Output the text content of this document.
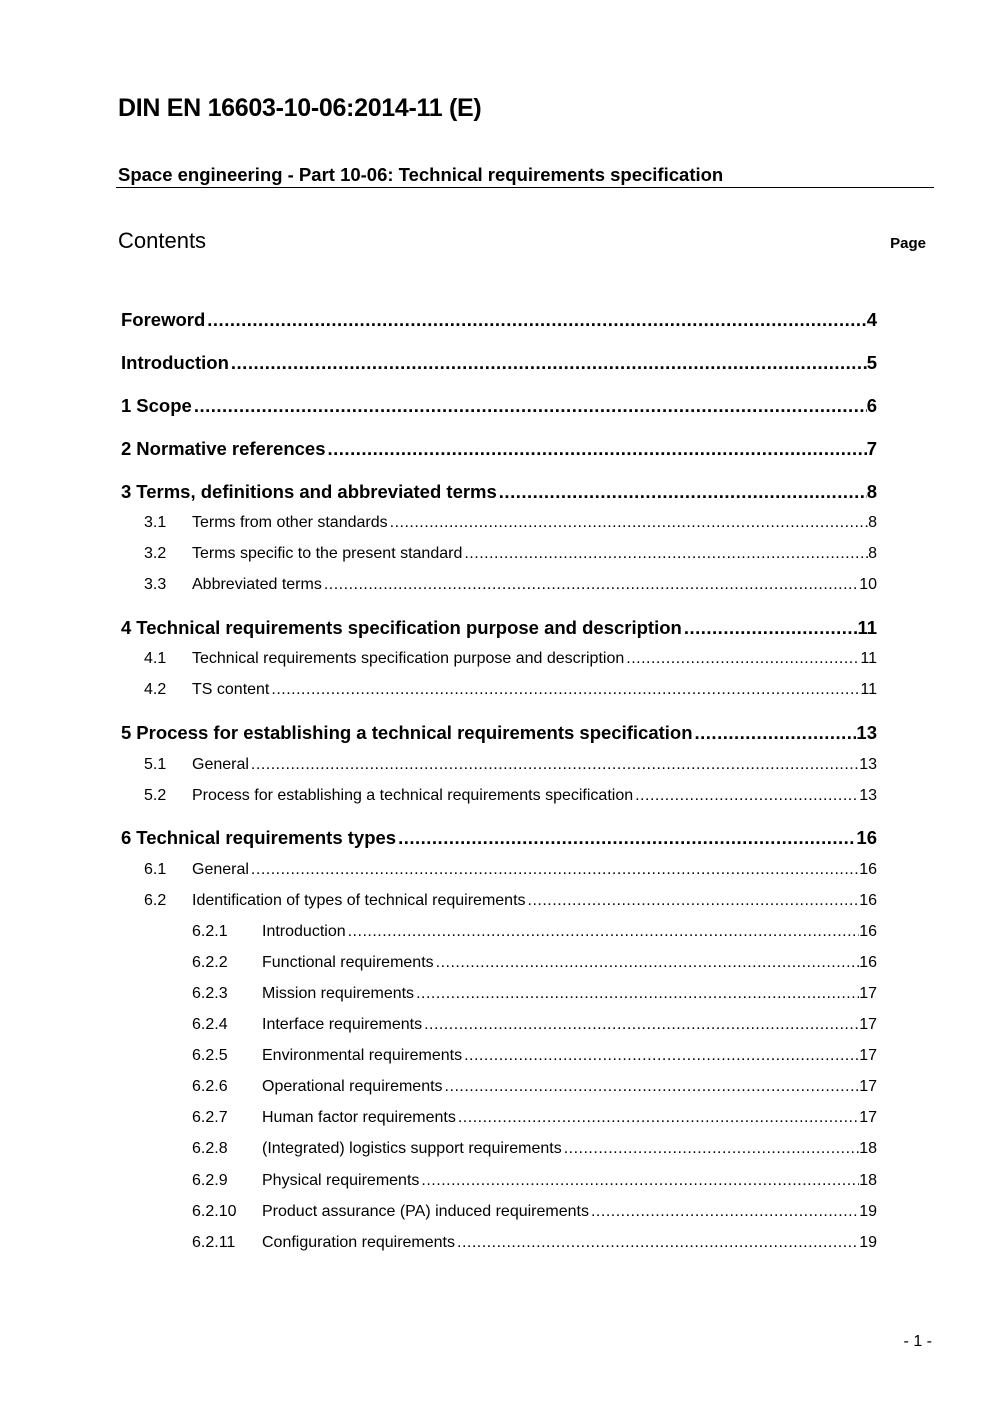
DIN EN 16603-10-06:2014-11 (E)
Space engineering - Part 10-06: Technical requirements specification
Contents	Page
Foreword .....	4
Introduction .....	5
1 Scope .....	6
2 Normative references .....	7
3 Terms, definitions and abbreviated terms .....	8
3.1	Terms from other standards .....	8
3.2	Terms specific to the present standard .....	8
3.3	Abbreviated terms .....	10
4 Technical requirements specification purpose and description .....	11
4.1	Technical requirements specification purpose and description .....	11
4.2	TS content .....	11
5 Process for establishing a technical requirements specification .....	13
5.1	General .....	13
5.2	Process for establishing a technical requirements specification .....	13
6 Technical requirements types .....	16
6.1	General .....	16
6.2	Identification of types of technical requirements .....	16
6.2.1	Introduction .....	16
6.2.2	Functional requirements .....	16
6.2.3	Mission requirements .....	17
6.2.4	Interface requirements .....	17
6.2.5	Environmental requirements .....	17
6.2.6	Operational requirements .....	17
6.2.7	Human factor requirements .....	17
6.2.8	(Integrated) logistics support requirements .....	18
6.2.9	Physical requirements .....	18
6.2.10	Product assurance (PA) induced requirements .....	19
6.2.11	Configuration requirements .....	19
- 1 -
